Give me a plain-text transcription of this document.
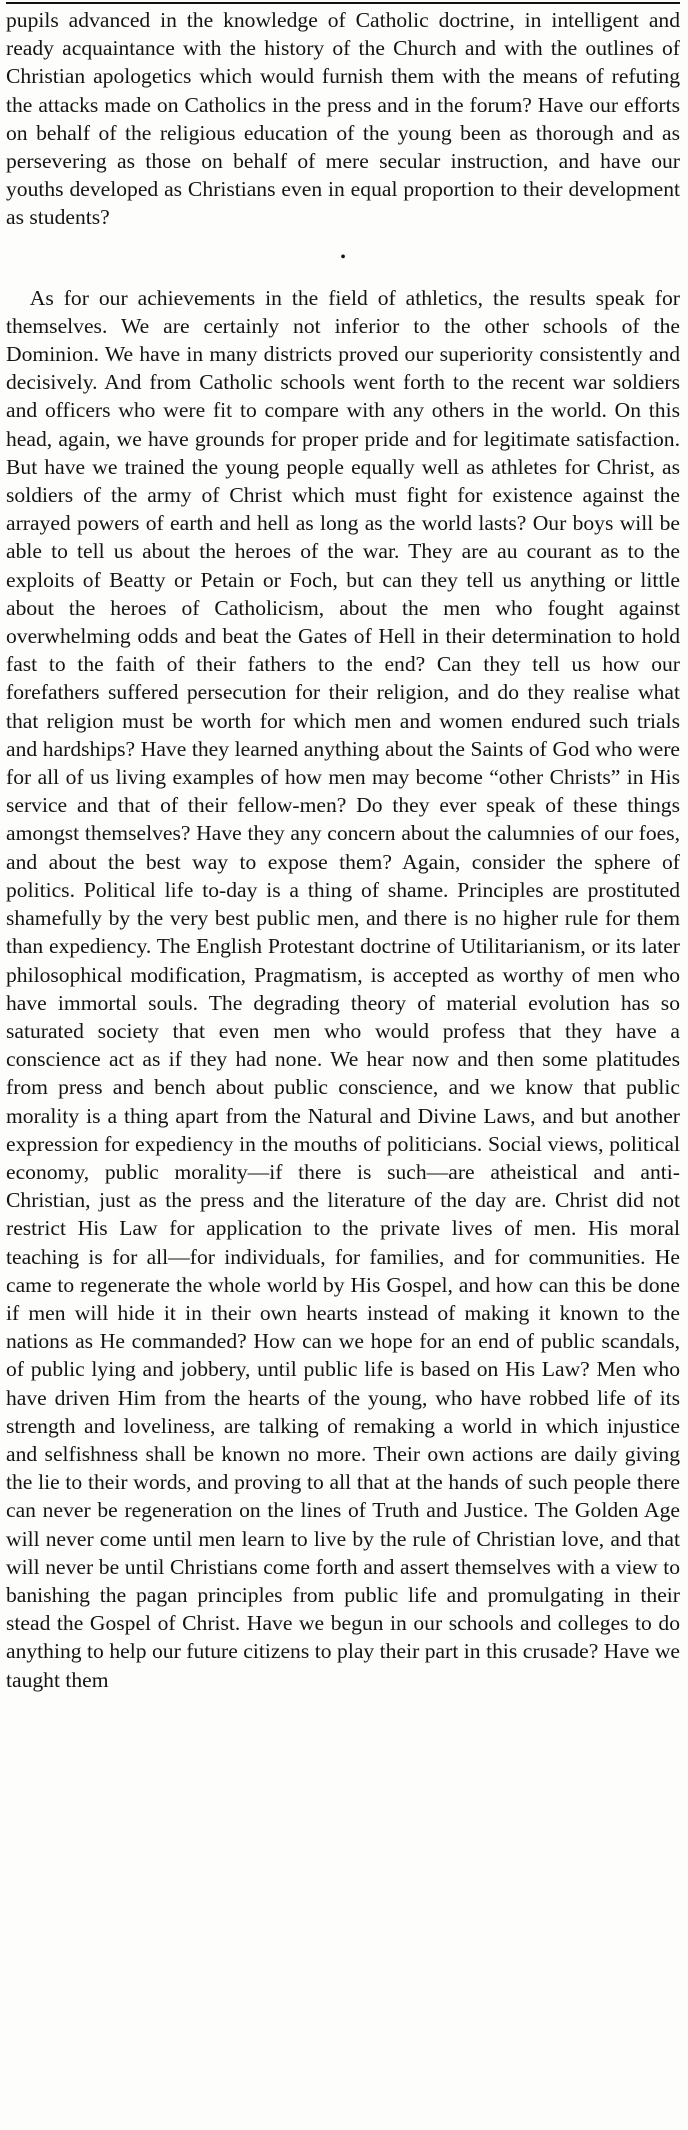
pupils advanced in the knowledge of Catholic doctrine, in intelligent and ready acquaintance with the history of the Church and with the outlines of Christian apologetics which would furnish them with the means of refuting the attacks made on Catholics in the press and in the forum? Have our efforts on behalf of the religious education of the young been as thorough and as persevering as those on behalf of mere secular instruction, and have our youths developed as Christians even in equal proportion to their development as students?

•

As for our achievements in the field of athletics, the results speak for themselves. We are certainly not inferior to the other schools of the Dominion. We have in many districts proved our superiority consistently and decisively. And from Catholic schools went forth to the recent war soldiers and officers who were fit to compare with any others in the world. On this head, again, we have grounds for proper pride and for legitimate satisfaction. But have we trained the young people equally well as athletes for Christ, as soldiers of the army of Christ which must fight for existence against the arrayed powers of earth and hell as long as the world lasts? Our boys will be able to tell us about the heroes of the war. They are au courant as to the exploits of Beatty or Petain or Foch, but can they tell us anything or little about the heroes of Catholicism, about the men who fought against overwhelming odds and beat the Gates of Hell in their determination to hold fast to the faith of their fathers to the end? Can they tell us how our forefathers suffered persecution for their religion, and do they realise what that religion must be worth for which men and women endured such trials and hardships? Have they learned anything about the Saints of God who were for all of us living examples of how men may become “other Christs” in His service and that of their fellow-men? Do they ever speak of these things amongst themselves? Have they any concern about the calumnies of our foes, and about the best way to expose them? Again, consider the sphere of politics. Political life to-day is a thing of shame. Principles are prostituted shamefully by the very best public men, and there is no higher rule for them than expediency. The English Protestant doctrine of Utilitarianism, or its later philosophical modification, Pragmatism, is accepted as worthy of men who have immortal souls. The degrading theory of material evolution has so saturated society that even men who would profess that they have a conscience act as if they had none. We hear now and then some platitudes from press and bench about public conscience, and we know that public morality is a thing apart from the Natural and Divine Laws, and but another expression for expediency in the mouths of politicians. Social views, political economy, public morality—if there is such—are atheistical and anti-Christian, just as the press and the literature of the day are. Christ did not restrict His Law for application to the private lives of men. His moral teaching is for all—for individuals, for families, and for communities. He came to regenerate the whole world by His Gospel, and how can this be done if men will hide it in their own hearts instead of making it known to the nations as He commanded? How can we hope for an end of public scandals, of public lying and jobbery, until public life is based on His Law? Men who have driven Him from the hearts of the young, who have robbed life of its strength and loveliness, are talking of remaking a world in which injustice and selfishness shall be known no more. Their own actions are daily giving the lie to their words, and proving to all that at the hands of such people there can never be regeneration on the lines of Truth and Justice. The Golden Age will never come until men learn to live by the rule of Christian love, and that will never be until Christians come forth and assert themselves with a view to banishing the pagan principles from public life and promulgating in their stead the Gospel of Christ. Have we begun in our schools and colleges to do anything to help our future citizens to play their part in this crusade? Have we taught them
